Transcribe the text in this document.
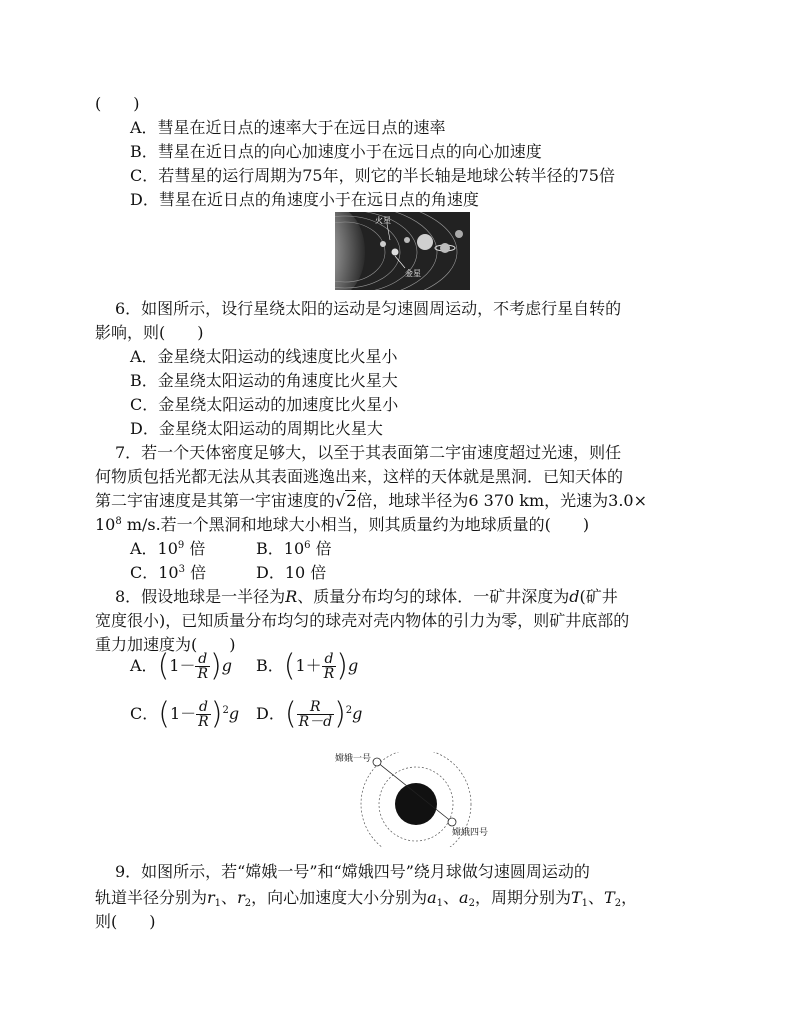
(　　)
A．彗星在近日点的速率大于在远日点的速率
B．彗星在近日点的向心加速度小于在远日点的向心加速度
C．若彗星的运行周期为75年，则它的半长轴是地球公转半径的75倍
D．彗星在近日点的角速度小于在远日点的角速度
火星
金星
6．如图所示，设行星绕太阳的运动是匀速圆周运动，不考虑行星自转的
影响，则(　　)
A．金星绕太阳运动的线速度比火星小
B．金星绕太阳运动的角速度比火星大
C．金星绕太阳运动的加速度比火星小
D．金星绕太阳运动的周期比火星大
7．若一个天体密度足够大，以至于其表面第二宇宙速度超过光速，则任
何物质包括光都无法从其表面逃逸出来，这样的天体就是黑洞．已知天体的
第二宇宙速度是其第一宇宙速度的√2倍，地球半径为6 370 km，光速为3.0×
$10^8$ m/s.若一个黑洞和地球大小相当，则其质量约为地球质量的(　　)
A．$10^9$ 倍	B．$10^6$ 倍
C．$10^3$ 倍	D．10 倍
8．假设地球是一半径为R、质量分布均匀的球体．一矿井深度为d(矿井
宽度很小)，已知质量分布均匀的球壳对壳内物体的引力为零，则矿井底部的
重力加速度为(　　)
A．$(1- \frac{d}{R} )g$ B．$(1+ \frac{d}{R} )g$
C．$(1- \frac{d}{R} )^2g$ D．( $\frac{R}{R-d} )^2g$
嫦娥一号
嫦娥四号
9．如图所示，若“嫦娥一号”和“嫦娥四号”绕月球做匀速圆周运动的
轨道半径分别为$r_1$、$r_2$，向心加速度大小分别为$a_1$、$a_2$，周期分别为$T_1$、$T_2$，
则(　　)
